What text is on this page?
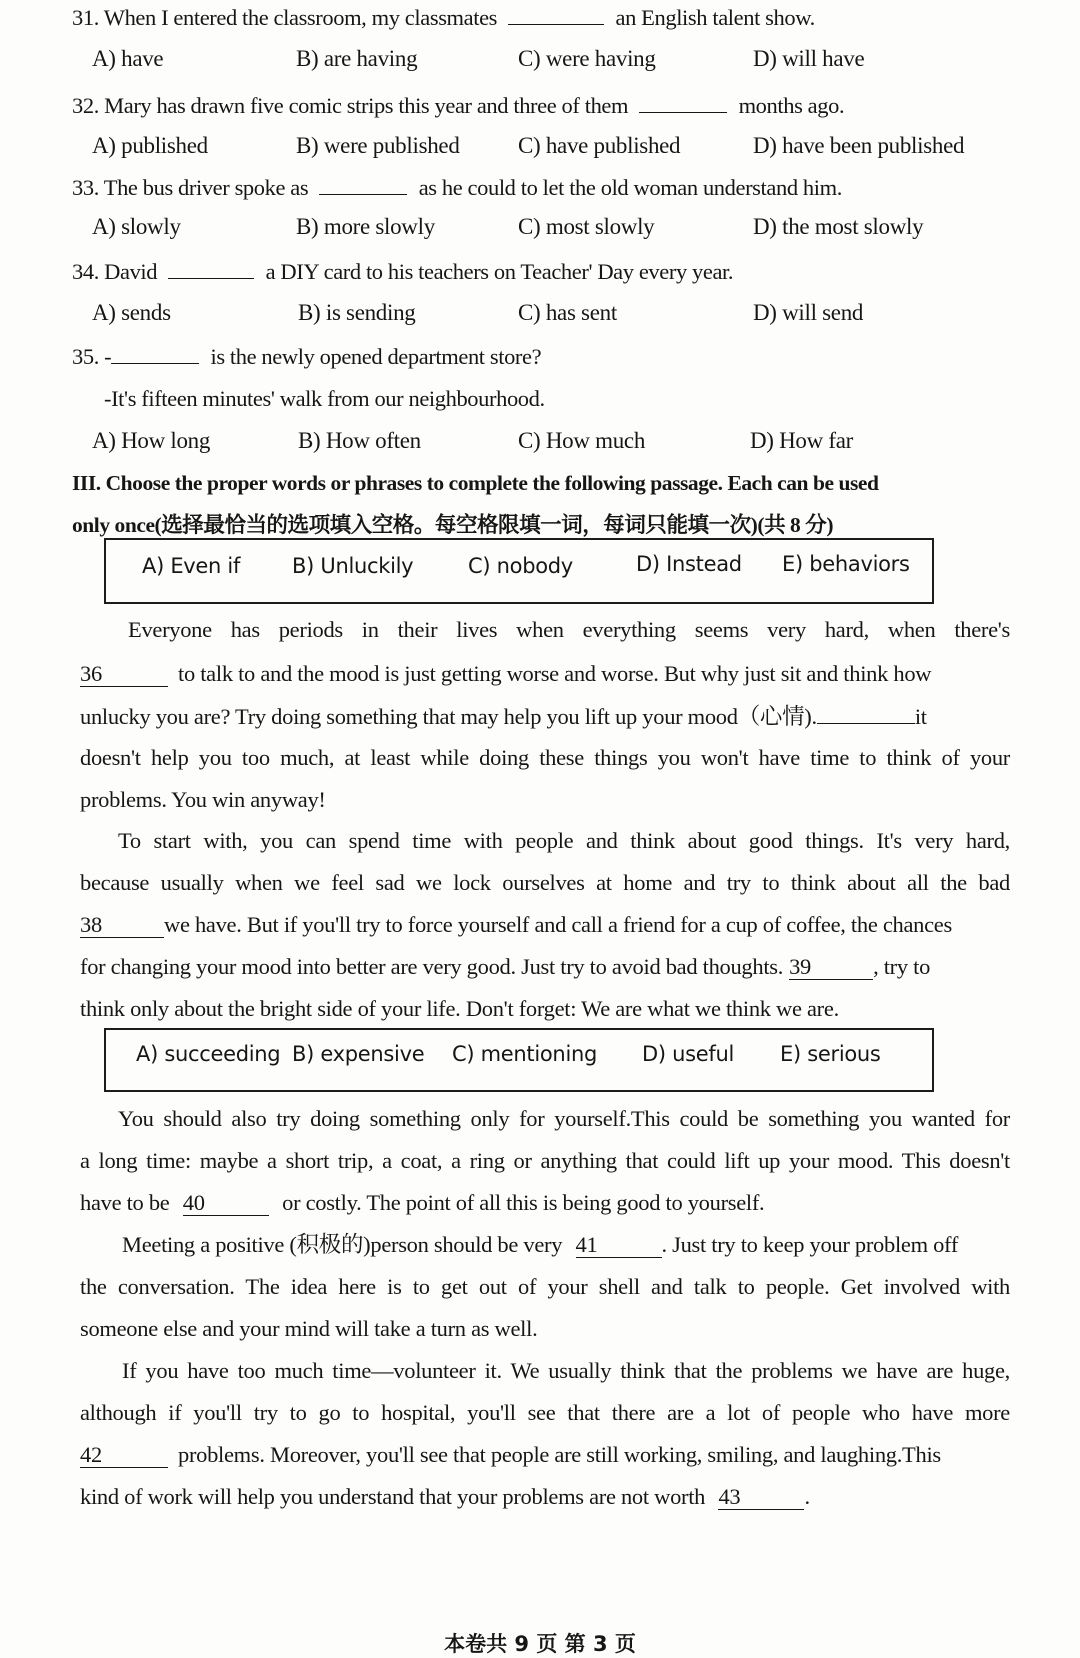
31. When I entered the classroom, my classmates	an English talent show.
A) have	B) are having	C) were having	D) will have
32. Mary has drawn five comic strips this year and three of them	months ago.
A) published	B) were published	C) have published	D) have been published
33. The bus driver spoke as	as he could to let the old woman understand him.
A) slowly	B) more slowly	C) most slowly	D) the most slowly
34. David	a DIY card to his teachers on Teacher' Day every year.
A) sends	B) is sending	C) has sent	D) will send
35. -	is the newly opened department store?
-It's fifteen minutes' walk from our neighbourhood.
A) How long	B) How often	C) How much	D) How far
III. Choose the proper words or phrases to complete the following passage. Each can be used
only once(选择最恰当的选项填入空格。每空格限填一词，每词只能填一次)(共 8 分)
A) Even if B) Unluckily	C) nobody	D) Instead E) behaviors
Everyone has periods in their lives when everything seems very hard, when there's
36	to talk to and the mood is just getting worse and worse. But why just sit and think how
unlucky you are? Try doing something that may help you lift up your mood（心情).	it
doesn't help you too much, at least while doing these things you won't have time to think of your
problems. You win anyway!
To start with, you can spend time with people and think about good things. It's very hard,
because usually when we feel sad we lock ourselves at home and try to think about all the bad
38	we have. But if you'll try to force yourself and call a friend for a cup of coffee, the chances
for changing your mood into better are very good. Just try to avoid bad thoughts. 39	, try to
think only about the bright side of your life. Don't forget: We are what we think we are.
A) succeeding B) expensive C) mentioning D) useful E) serious
You should also try doing something only for yourself.This could be something you wanted for
a long time: maybe a short trip, a coat, a ring or anything that could lift up your mood. This doesn't
have to be 40	or costly. The point of all this is being good to yourself.
Meeting a positive (积极的)person should be very 41	. Just try to keep your problem off
the conversation. The idea here is to get out of your shell and talk to people. Get involved with
someone else and your mind will take a turn as well.
If you have too much time—volunteer it. We usually think that the problems we have are huge,
although if you'll try to go to hospital, you'll see that there are a lot of people who have more
42	problems. Moreover, you'll see that people are still working, smiling, and laughing.This
kind of work will help you understand that your problems are not worth 43	.
本卷共 9 页 第 3 页
